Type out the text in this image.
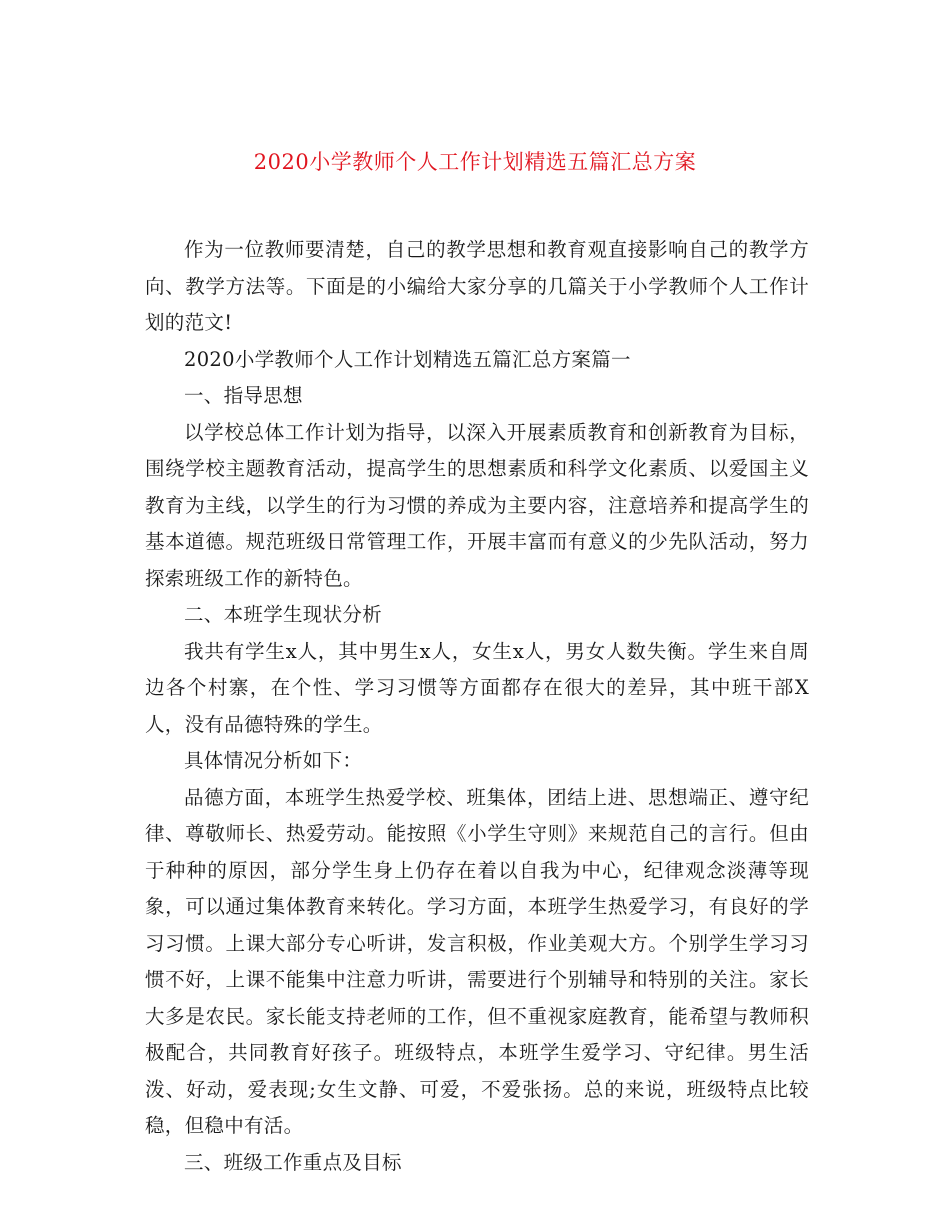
2020小学教师个人工作计划精选五篇汇总方案

作为一位教师要清楚，自己的教学思想和教育观直接影响自己的教学方向、教学方法等。下面是的小编给大家分享的几篇关于小学教师个人工作计划的范文!

2020小学教师个人工作计划精选五篇汇总方案篇一

一、指导思想

以学校总体工作计划为指导，以深入开展素质教育和创新教育为目标，围绕学校主题教育活动，提高学生的思想素质和科学文化素质、以爱国主义教育为主线，以学生的行为习惯的养成为主要内容，注意培养和提高学生的基本道德。规范班级日常管理工作，开展丰富而有意义的少先队活动，努力探索班级工作的新特色。

二、本班学生现状分析

我共有学生x人，其中男生x人，女生x人，男女人数失衡。学生来自周边各个村寨，在个性、学习习惯等方面都存在很大的差异，其中班干部X人，没有品德特殊的学生。

具体情况分析如下：

品德方面，本班学生热爱学校、班集体，团结上进、思想端正、遵守纪律、尊敬师长、热爱劳动。能按照《小学生守则》来规范自己的言行。但由于种种的原因，部分学生身上仍存在着以自我为中心，纪律观念淡薄等现象，可以通过集体教育来转化。学习方面，本班学生热爱学习，有良好的学习习惯。上课大部分专心听讲，发言积极，作业美观大方。个别学生学习习惯不好，上课不能集中注意力听讲，需要进行个别辅导和特别的关注。家长大多是农民。家长能支持老师的工作，但不重视家庭教育，能希望与教师积极配合，共同教育好孩子。班级特点，本班学生爱学习、守纪律。男生活泼、好动，爱表现;女生文静、可爱，不爱张扬。总的来说，班级特点比较稳，但稳中有活。

三、班级工作重点及目标
